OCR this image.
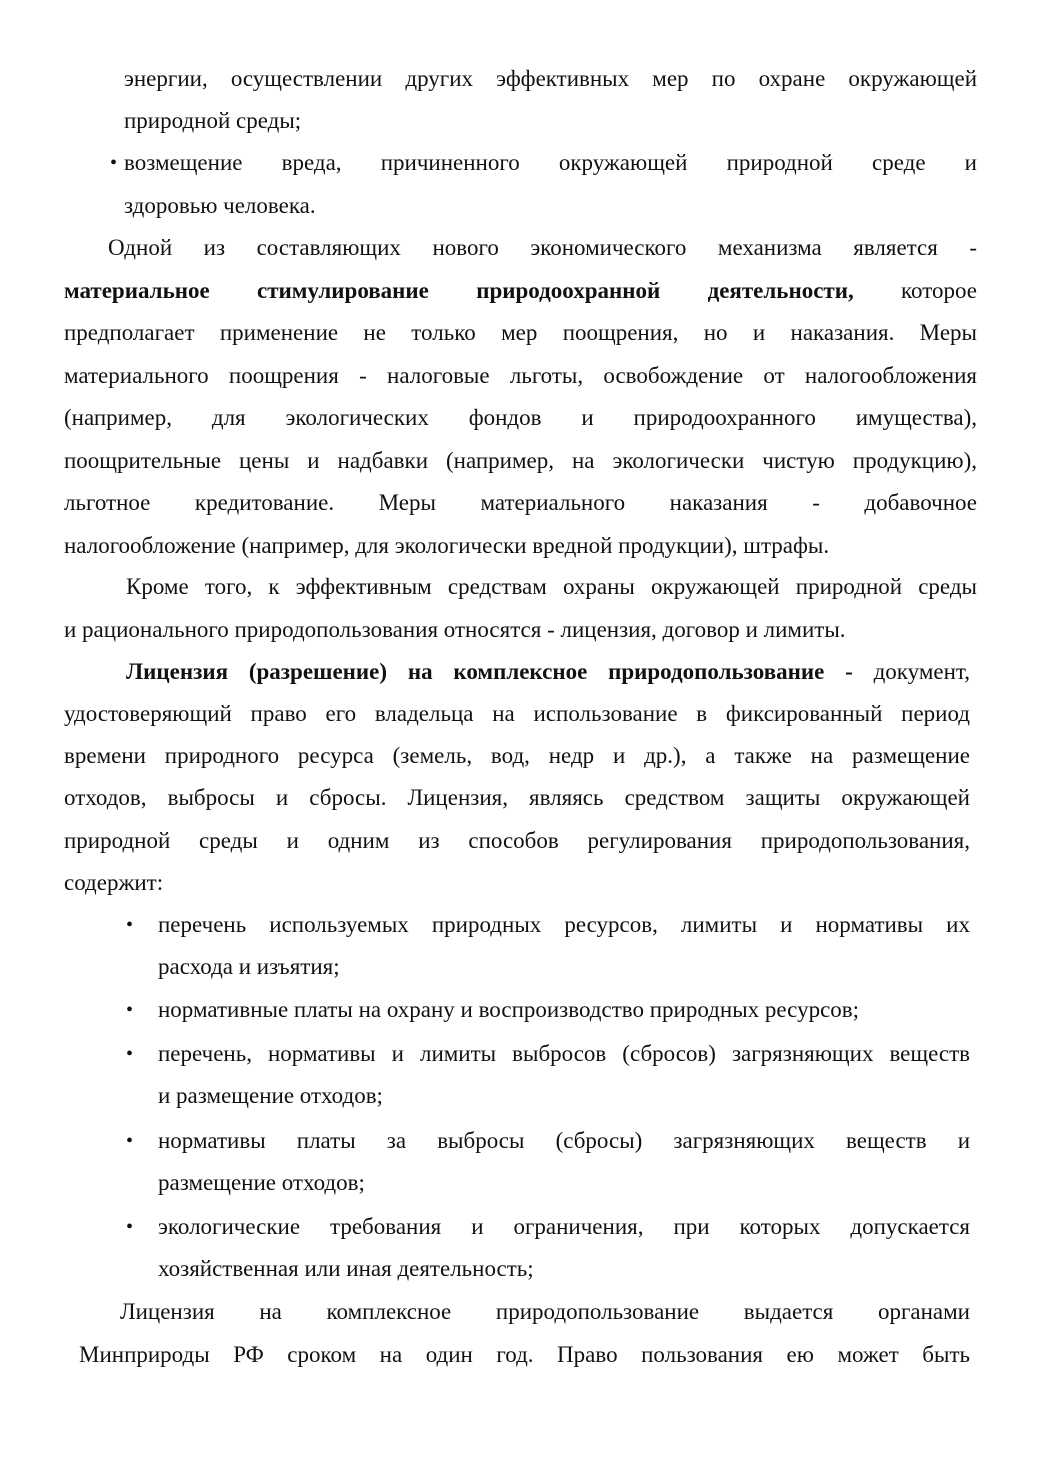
энергии, осуществлении других эффективных мер по охране окружающей
природной среды;
• возмещение вреда, причиненного окружающей природной среде и
здоровью человека.
Одной из составляющих нового экономического механизма является -
материальное стимулирование природоохранной деятельности, которое
предполагает применение не только мер поощрения, но и наказания. Меры
материального поощрения - налоговые льготы, освобождение от налогообложения
(например, для экологических фондов и природоохранного имущества),
поощрительные цены и надбавки (например, на экологически чистую продукцию),
льготное кредитование. Меры материального наказания - добавочное
налогообложение (например, для экологически вредной продукции), штрафы.
Кроме того, к эффективным средствам охраны окружающей природной среды
и рационального природопользования относятся - лицензия, договор и лимиты.
Лицензия (разрешение) на комплексное природопользование - документ,
удостоверяющий право его владельца на использование в фиксированный период
времени природного ресурса (земель, вод, недр и др.), а также на размещение
отходов, выбросы и сбросы. Лицензия, являясь средством защиты окружающей
природной среды и одним из способов регулирования природопользования,
содержит:
• перечень используемых природных ресурсов, лимиты и нормативы их
расхода и изъятия;
• нормативные платы на охрану и воспроизводство природных ресурсов;
• перечень, нормативы и лимиты выбросов (сбросов) загрязняющих веществ
и размещение отходов;
• нормативы платы за выбросы (сбросы) загрязняющих веществ и
размещение отходов;
• экологические требования и ограничения, при которых допускается
хозяйственная или иная деятельность;
Лицензия на комплексное природопользование выдается органами
Минприроды РФ сроком на один год. Право пользования ею может быть
